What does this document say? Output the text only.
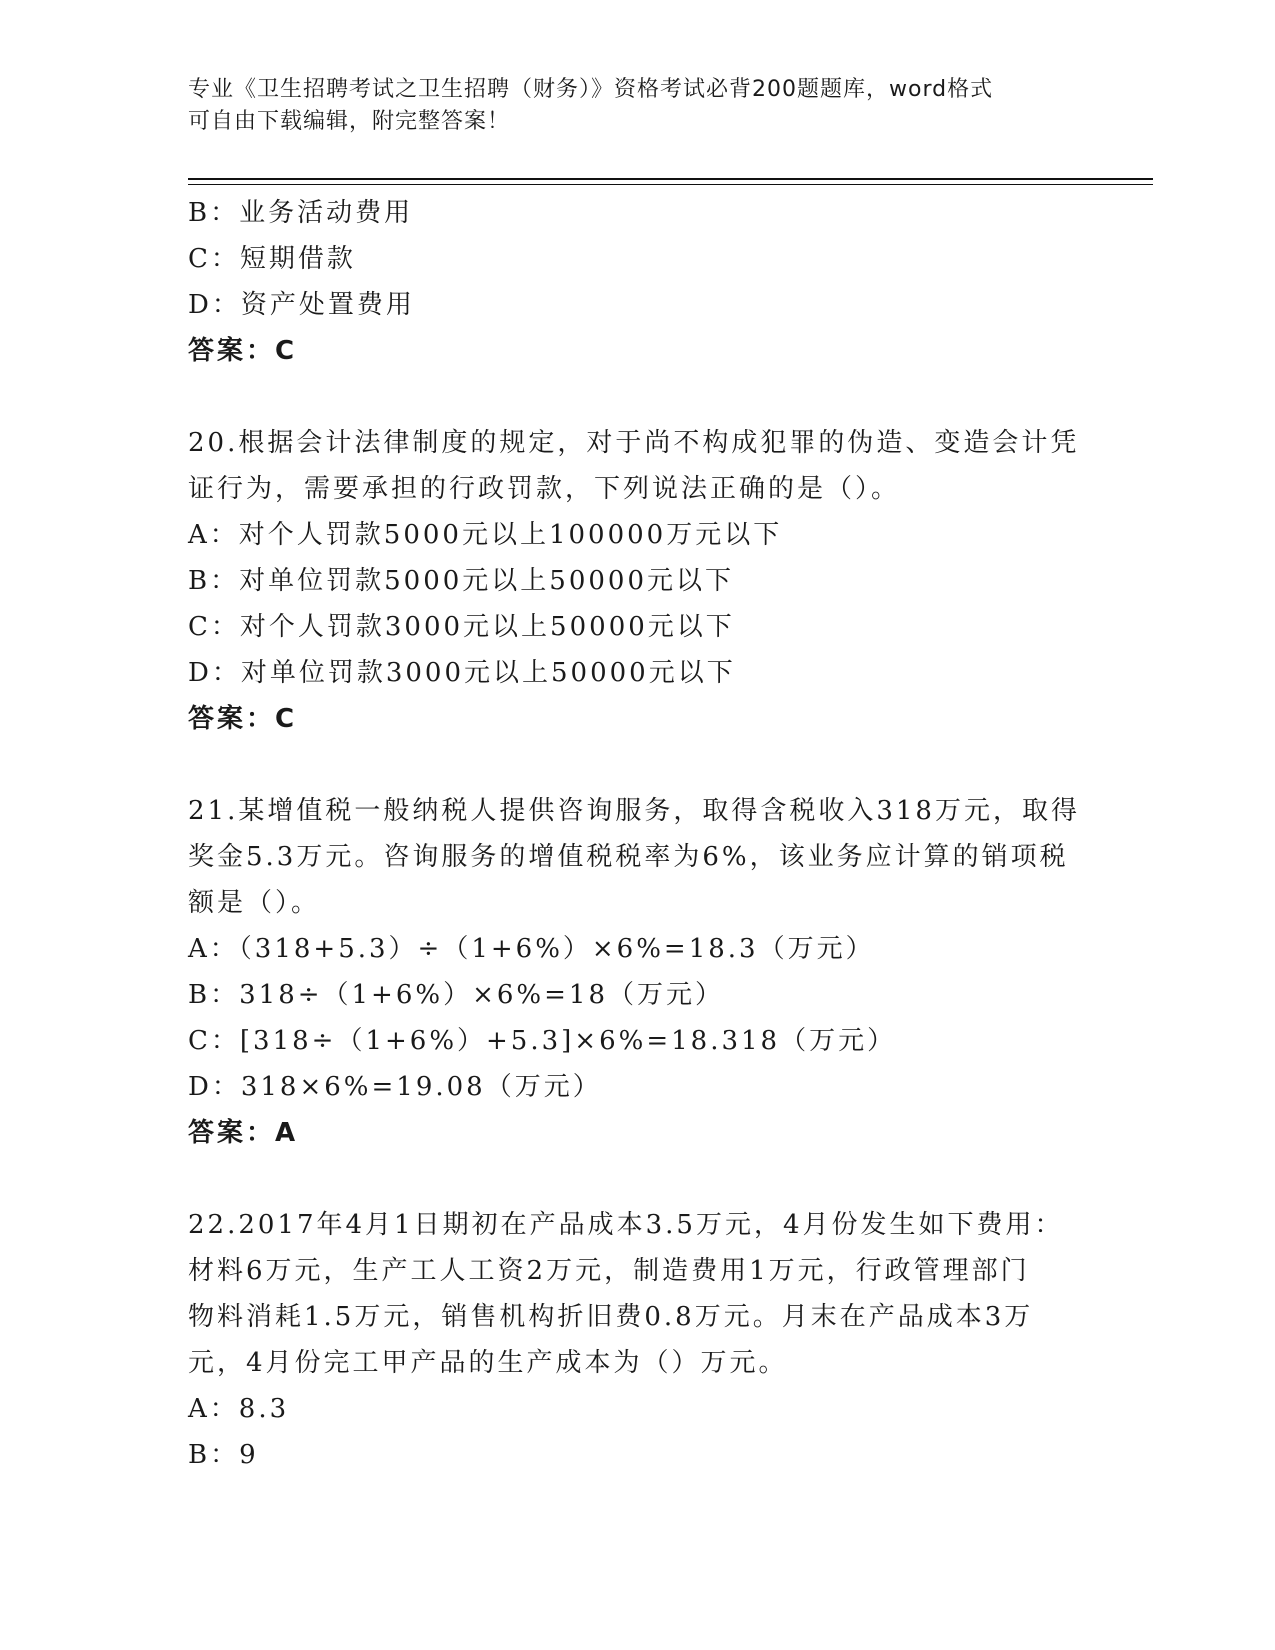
专业《卫生招聘考试之卫生招聘（财务）》资格考试必背200题题库，word格式
可自由下载编辑，附完整答案！
B：业务活动费用
C：短期借款
D：资产处置费用
答案：C
20.根据会计法律制度的规定，对于尚不构成犯罪的伪造、变造会计凭
证行为，需要承担的行政罚款，下列说法正确的是（）。
A：对个人罚款5000元以上100000万元以下
B：对单位罚款5000元以上50000元以下
C：对个人罚款3000元以上50000元以下
D：对单位罚款3000元以上50000元以下
答案：C
21.某增值税一般纳税人提供咨询服务，取得含税收入318万元，取得
奖金5.3万元。咨询服务的增值税税率为6%，该业务应计算的销项税
额是（）。
A：（318+5.3）÷（1+6%）×6%=18.3（万元）
B：318÷（1+6%）×6%=18（万元）
C：[318÷（1+6%）+5.3]×6%=18.318（万元）
D：318×6%=19.08（万元）
答案：A
22.2017年4月1日期初在产品成本3.5万元，4月份发生如下费用：
材料6万元，生产工人工资2万元，制造费用1万元，行政管理部门
物料消耗1.5万元，销售机构折旧费0.8万元。月末在产品成本3万
元，4月份完工甲产品的生产成本为（）万元。
A：8.3
B：9
